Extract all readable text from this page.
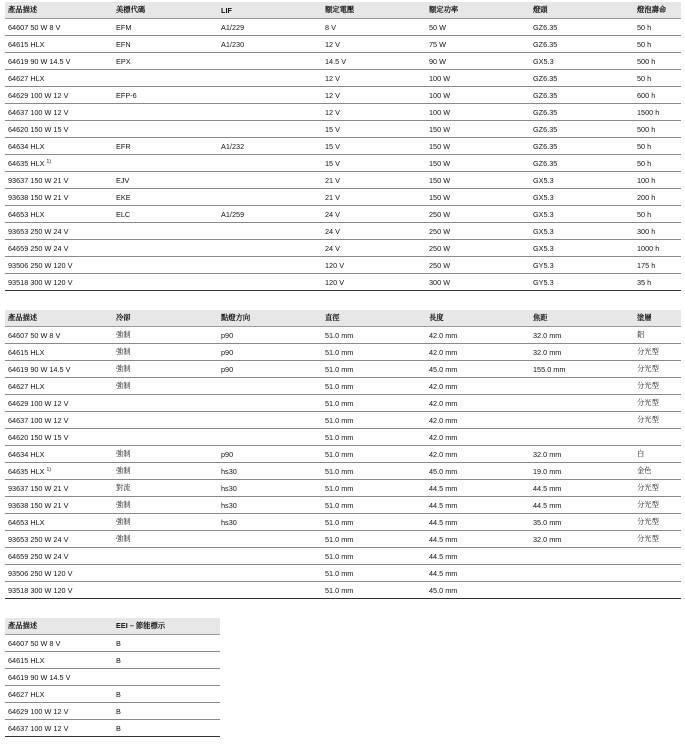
產品描述	美標代碼	LIF	額定電壓	額定功率	燈頭	燈泡壽命
64607 50 W 8 V	EFM	A1/229	8 V	50 W	GZ6.35	50 h
64615 HLX	EFN	A1/230	12 V	75 W	GZ6.35	50 h
64619 90 W 14.5 V	EPX		14.5 V	90 W	GX5.3	500 h
64627 HLX			12 V	100 W	GZ6.35	50 h
64629 100 W 12 V	EFP-6		12 V	100 W	GZ6.35	600 h
64637 100 W 12 V			12 V	100 W	GZ6.35	1500 h
64620 150 W 15 V			15 V	150 W	GZ6.35	500 h
64634 HLX	EFR	A1/232	15 V	150 W	GZ6.35	50 h
64635 HLX $^{1)}$			15 V	150 W	GZ6.35	50 h
93637 150 W 21 V	EJV		21 V	150 W	GX5.3	100 h
93638 150 W 21 V	EKE		21 V	150 W	GX5.3	200 h
64653 HLX	ELC	A1/259	24 V	250 W	GX5.3	50 h
93653 250 W 24 V			24 V	250 W	GX5.3	300 h
64659 250 W 24 V			24 V	250 W	GX5.3	1000 h
93506 250 W 120 V			120 V	250 W	GY5.3	175 h
93518 300 W 120 V			120 V	300 W	GY5.3	35 h
產品描述	冷卻	點燈方向	直徑	長度	焦距	塗層
64607 50 W 8 V	強制	p90	51.0 mm	42.0 mm	32.0 mm	鋁
64615 HLX	強制	p90	51.0 mm	42.0 mm	32.0 mm	分光型
64619 90 W 14.5 V	強制	p90	51.0 mm	45.0 mm	155.0 mm	分光型
64627 HLX	強制		51.0 mm	42.0 mm		分光型
64629 100 W 12 V			51.0 mm	42.0 mm		分光型
64637 100 W 12 V			51.0 mm	42.0 mm		分光型
64620 150 W 15 V			51.0 mm	42.0 mm		
64634 HLX	強制	p90	51.0 mm	42.0 mm	32.0 mm	白
64635 HLX $^{1)}$	強制	hs30	51.0 mm	45.0 mm	19.0 mm	金色
93637 150 W 21 V	對流	hs30	51.0 mm	44.5 mm	44.5 mm	分光型
93638 150 W 21 V	強制	hs30	51.0 mm	44.5 mm	44.5 mm	分光型
64653 HLX	強制	hs30	51.0 mm	44.5 mm	35.0 mm	分光型
93653 250 W 24 V	強制		51.0 mm	44.5 mm	32.0 mm	分光型
64659 250 W 24 V			51.0 mm	44.5 mm		
93506 250 W 120 V			51.0 mm	44.5 mm		
93518 300 W 120 V			51.0 mm	45.0 mm		
產品描述	EEI – 節能標示
64607 50 W 8 V	B
64615 HLX	B
64619 90 W 14.5 V	
64627 HLX	B
64629 100 W 12 V	B
64637 100 W 12 V	B
